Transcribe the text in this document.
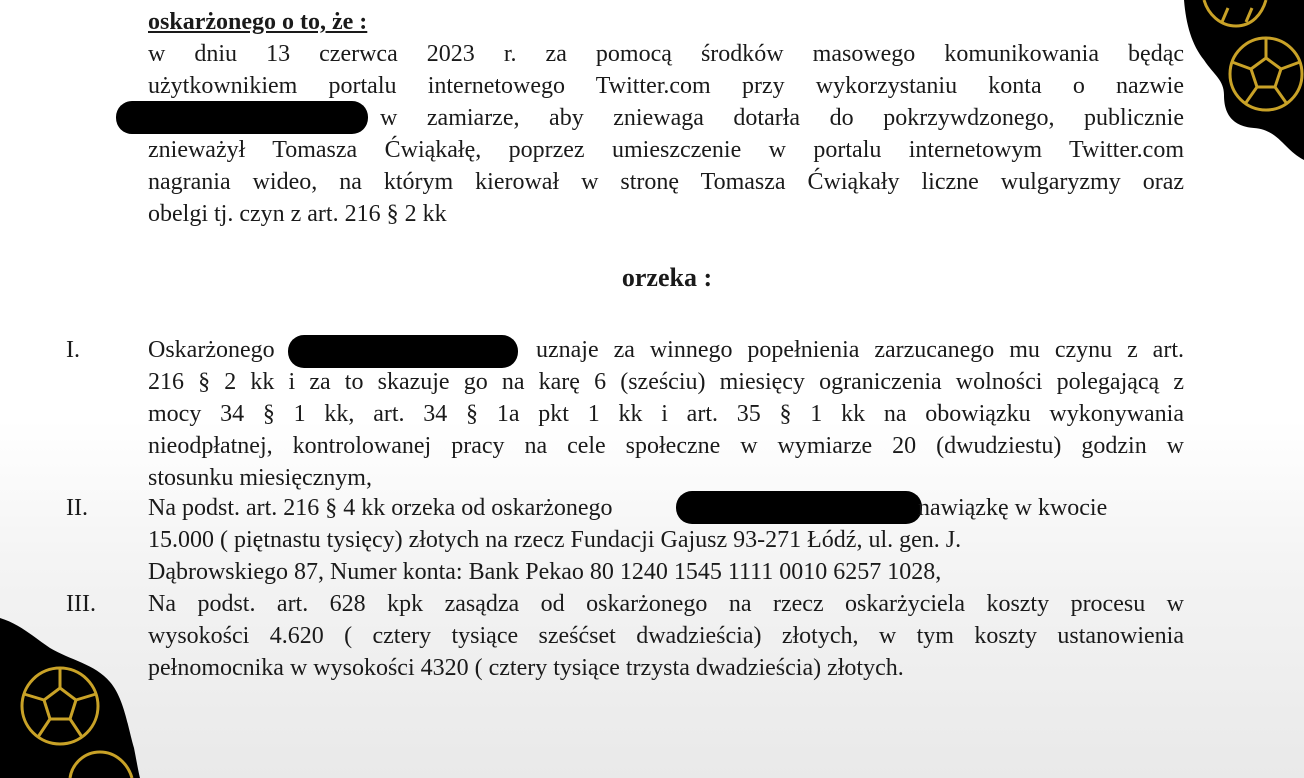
oskarżonego o to, że :
w dniu 13 czerwca 2023 r. za pomocą środków masowego komunikowania będąc
użytkownikiem portalu internetowego Twitter.com przy wykorzystaniu konta o nazwie
w zamiarze, aby zniewaga dotarła do pokrzywdzonego, publicznie
znieważył Tomasza Ćwiąkałę, poprzez umieszczenie w portalu internetowym Twitter.com
nagrania wideo, na którym kierował w stronę Tomasza Ćwiąkały liczne wulgaryzmy oraz
obelgi tj. czyn z art. 216 § 2 kk
orzeka :
I.	Oskarżonego	uznaje za winnego popełnienia zarzucanego mu czynu z art.
216 § 2 kk i za to skazuje go na karę 6 (sześciu) miesięcy ograniczenia wolności polegającą z
mocy 34 § 1 kk, art. 34 § 1a pkt 1 kk i art. 35 § 1 kk na obowiązku wykonywania
nieodpłatnej, kontrolowanej pracy na cele społeczne w wymiarze 20 (dwudziestu) godzin w
stosunku miesięcznym,
II.	Na podst. art. 216 § 4 kk orzeka od oskarżonego	nawiązkę w kwocie
15.000 ( piętnastu tysięcy) złotych na rzecz Fundacji Gajusz 93-271 Łódź, ul. gen. J.
Dąbrowskiego 87, Numer konta: Bank Pekao 80 1240 1545 1111 0010 6257 1028,
III. Na podst. art. 628 kpk zasądza od oskarżonego na rzecz oskarżyciela koszty procesu w
wysokości 4.620 ( cztery tysiące sześćset dwadzieścia) złotych, w tym koszty ustanowienia
pełnomocnika w wysokości 4320 ( cztery tysiące trzysta dwadzieścia) złotych.
